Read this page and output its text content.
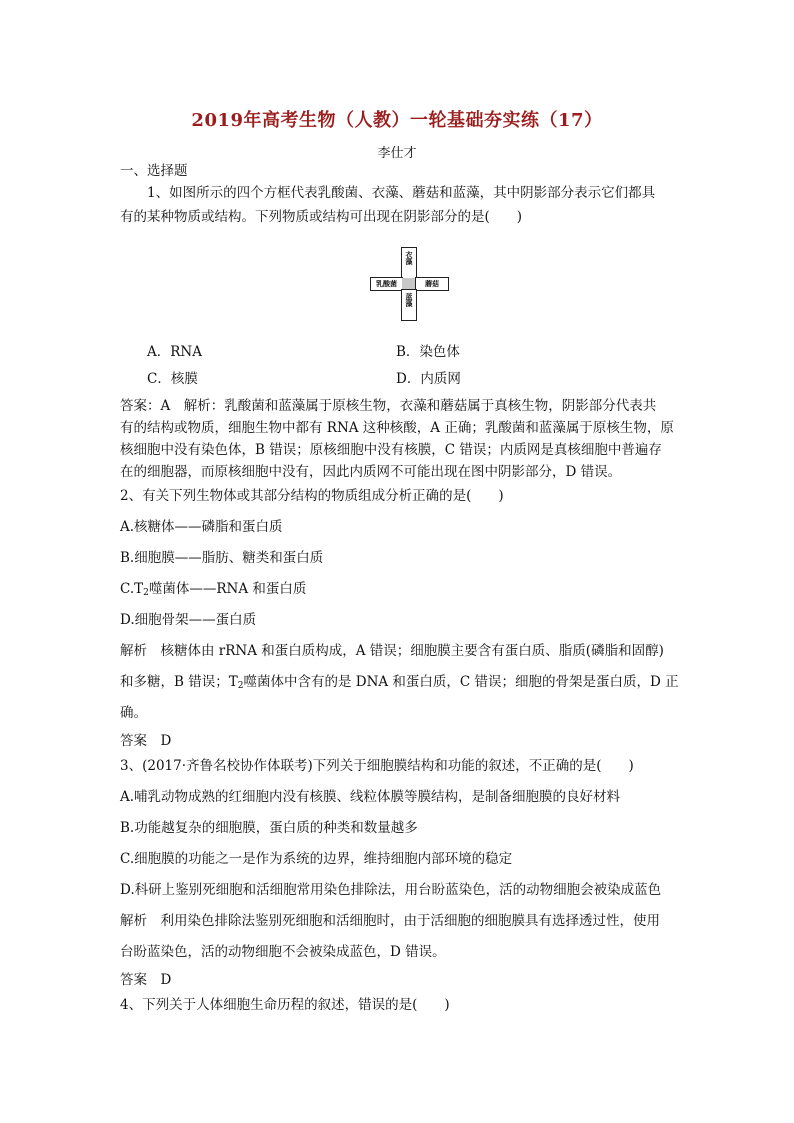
2019年高考生物（人教）一轮基础夯实练（17）
李仕才
一、选择题
1、如图所示的四个方框代表乳酸菌、衣藻、蘑菇和蓝藻，其中阴影部分表示它们都具
有的某种物质或结构。下列物质或结构可出现在阴影部分的是(　　)
衣藻
乳酸菌	蘑菇
蓝藻
A．RNA	B．染色体
C．核膜	D．内质网
答案：A　解析：乳酸菌和蓝藻属于原核生物，衣藻和蘑菇属于真核生物，阴影部分代表共
有的结构或物质，细胞生物中都有 RNA 这种核酸，A 正确；乳酸菌和蓝藻属于原核生物，原
核细胞中没有染色体，B 错误；原核细胞中没有核膜，C 错误；内质网是真核细胞中普遍存
在的细胞器，而原核细胞中没有，因此内质网不可能出现在图中阴影部分，D 错误。
2、有关下列生物体或其部分结构的物质组成分析正确的是(　　)
A.核糖体——磷脂和蛋白质
B.细胞膜——脂肪、糖类和蛋白质
$C.T_2$噬菌体——RNA 和蛋白质
D.细胞骨架——蛋白质
解析　核糖体由 rRNA 和蛋白质构成，A 错误；细胞膜主要含有蛋白质、脂质(磷脂和固醇)
和多糖，B 错误；$T_2$噬菌体中含有的是 DNA 和蛋白质，C 错误；细胞的骨架是蛋白质，D 正
确。
答案　D
3、(2017·齐鲁名校协作体联考)下列关于细胞膜结构和功能的叙述，不正确的是(　　)
A.哺乳动物成熟的红细胞内没有核膜、线粒体膜等膜结构，是制备细胞膜的良好材料
B.功能越复杂的细胞膜，蛋白质的种类和数量越多
C.细胞膜的功能之一是作为系统的边界，维持细胞内部环境的稳定
D.科研上鉴别死细胞和活细胞常用染色排除法，用台盼蓝染色，活的动物细胞会被染成蓝色
解析　利用染色排除法鉴别死细胞和活细胞时，由于活细胞的细胞膜具有选择透过性，使用
台盼蓝染色，活的动物细胞不会被染成蓝色，D 错误。
答案　D
4、下列关于人体细胞生命历程的叙述，错误的是(　　)
